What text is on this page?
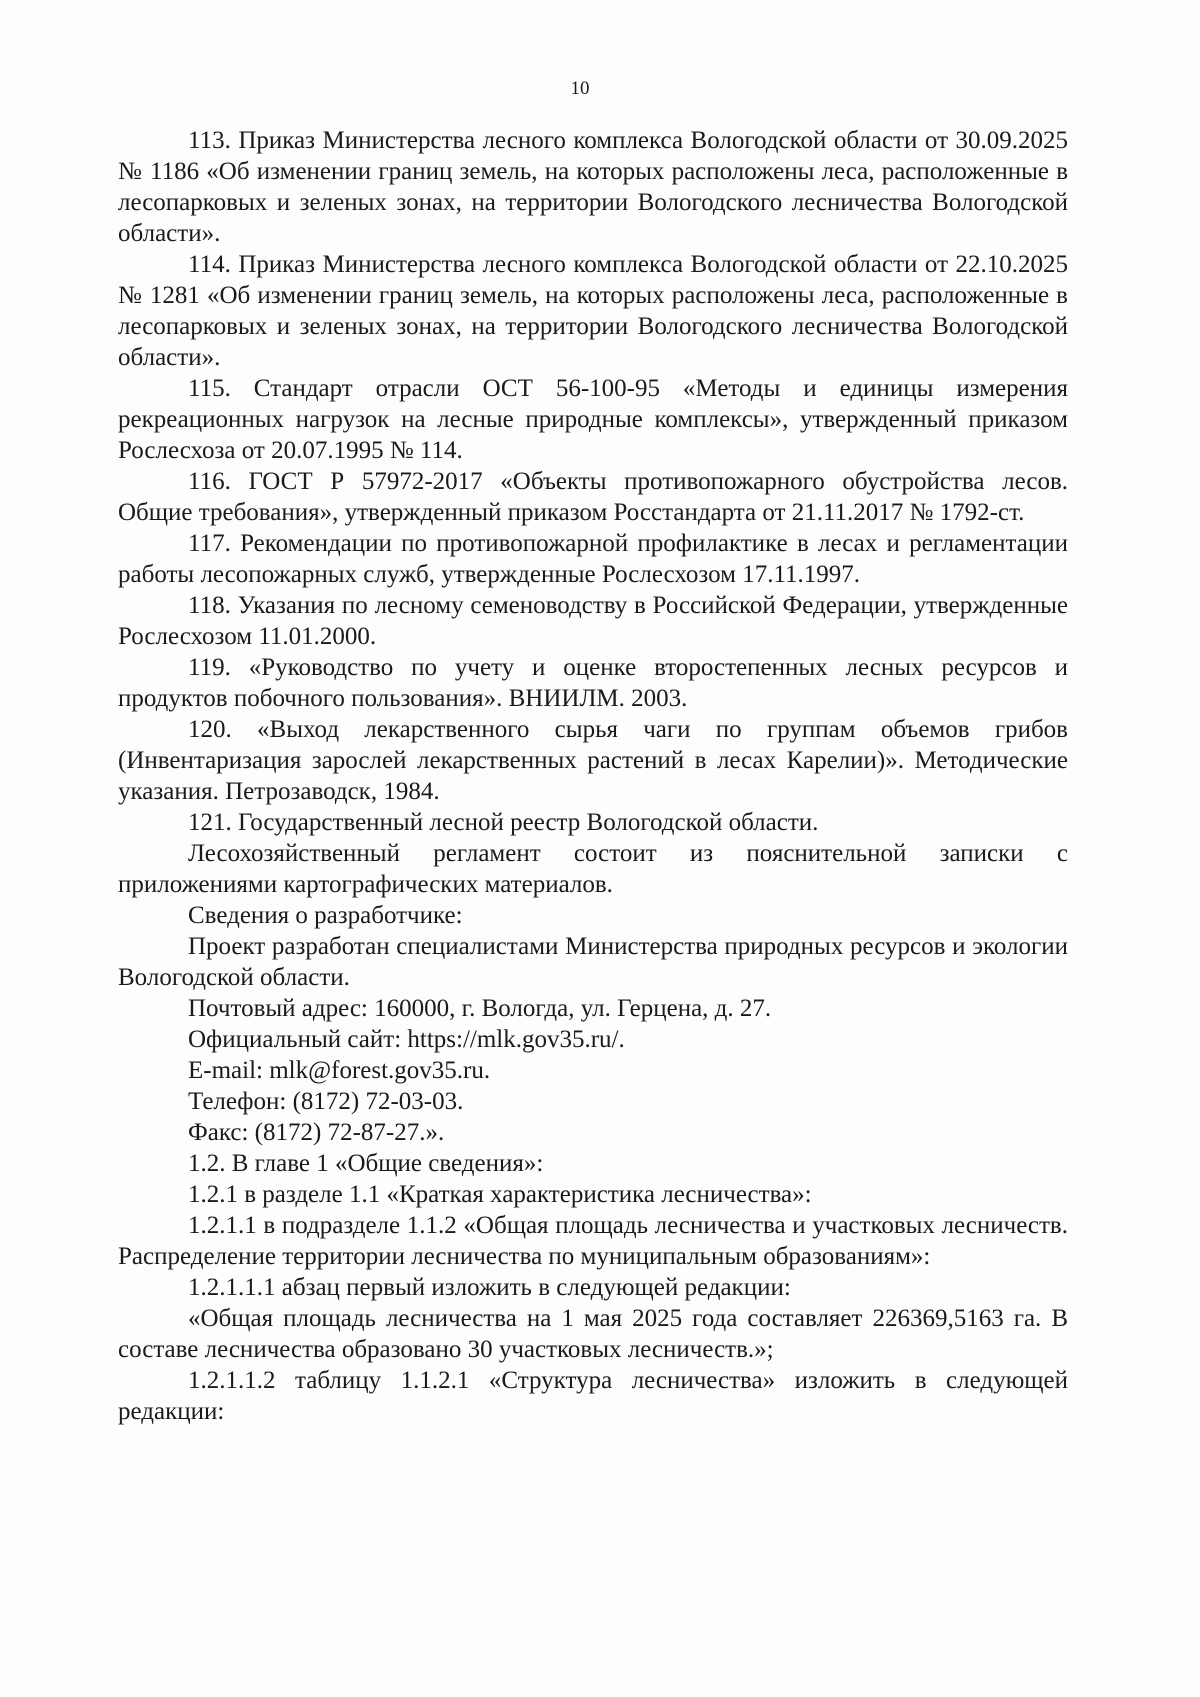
10

113. Приказ Министерства лесного комплекса Вологодской области от 30.09.2025 № 1186 «Об изменении границ земель, на которых расположены леса, расположенные в лесопарковых и зеленых зонах, на территории Вологодского лесничества Вологодской области».

114. Приказ Министерства лесного комплекса Вологодской области от 22.10.2025 № 1281 «Об изменении границ земель, на которых расположены леса, расположенные в лесопарковых и зеленых зонах, на территории Вологодского лесничества Вологодской области».

115. Стандарт отрасли ОСТ 56-100-95 «Методы и единицы измерения рекреационных нагрузок на лесные природные комплексы», утвержденный приказом Рослесхоза от 20.07.1995 № 114.

116. ГОСТ Р 57972-2017 «Объекты противопожарного обустройства лесов. Общие требования», утвержденный приказом Росстандарта от 21.11.2017 № 1792-ст.

117. Рекомендации по противопожарной профилактике в лесах и регламентации работы лесопожарных служб, утвержденные Рослесхозом 17.11.1997.

118. Указания по лесному семеноводству в Российской Федерации, утвержденные Рослесхозом 11.01.2000.

119. «Руководство по учету и оценке второстепенных лесных ресурсов и продуктов побочного пользования». ВНИИЛМ. 2003.

120. «Выход лекарственного сырья чаги по группам объемов грибов (Инвентаризация зарослей лекарственных растений в лесах Карелии)». Методические указания. Петрозаводск, 1984.

121. Государственный лесной реестр Вологодской области.

Лесохозяйственный регламент состоит из пояснительной записки с приложениями картографических материалов.

Сведения о разработчике:

Проект разработан специалистами Министерства природных ресурсов и экологии Вологодской области.

Почтовый адрес: 160000, г. Вологда, ул. Герцена, д. 27.

Официальный сайт: https://mlk.gov35.ru/.

E-mail: mlk@forest.gov35.ru.

Телефон: (8172) 72-03-03.

Факс: (8172) 72-87-27.».

1.2. В главе 1 «Общие сведения»:

1.2.1 в разделе 1.1 «Краткая характеристика лесничества»:

1.2.1.1 в подразделе 1.1.2 «Общая площадь лесничества и участковых лесничеств. Распределение территории лесничества по муниципальным образованиям»:

1.2.1.1.1 абзац первый изложить в следующей редакции:

«Общая площадь лесничества на 1 мая 2025 года составляет 226369,5163 га. В составе лесничества образовано 30 участковых лесничеств.»;

1.2.1.1.2 таблицу 1.1.2.1 «Структура лесничества» изложить в следующей редакции:
